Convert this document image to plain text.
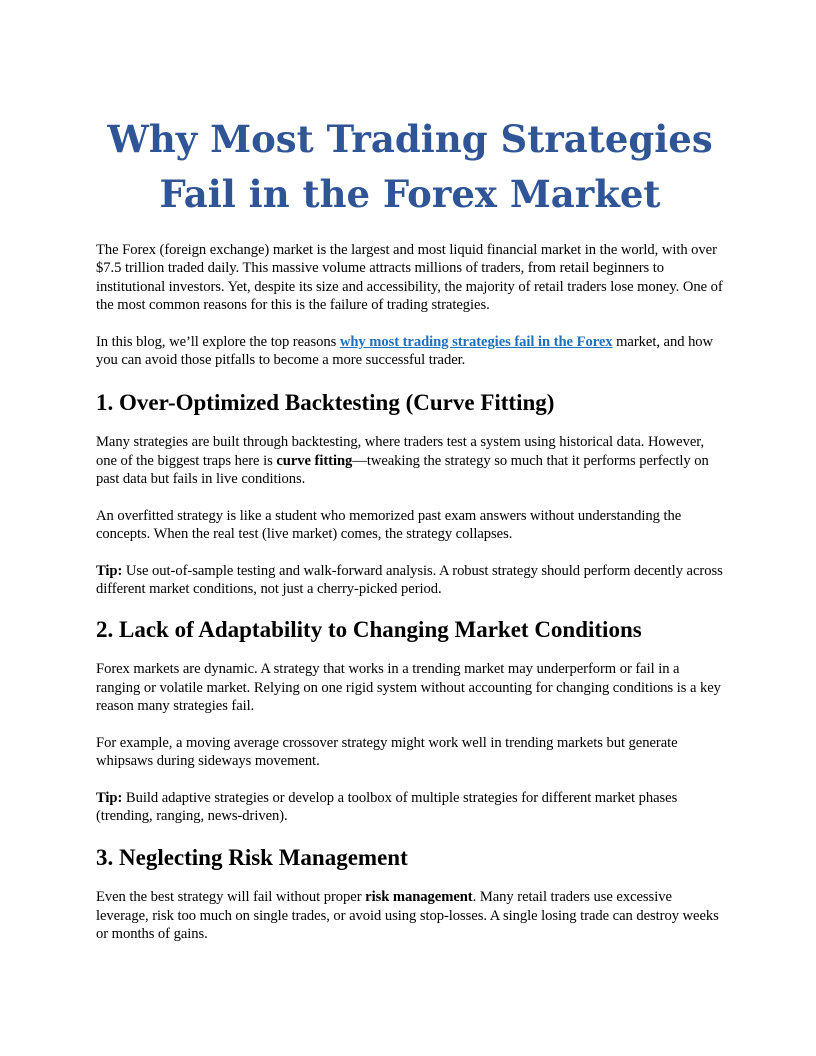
Why Most Trading Strategies Fail in the Forex Market

The Forex (foreign exchange) market is the largest and most liquid financial market in the world, with over $7.5 trillion traded daily. This massive volume attracts millions of traders, from retail beginners to institutional investors. Yet, despite its size and accessibility, the majority of retail traders lose money. One of the most common reasons for this is the failure of trading strategies.

In this blog, we’ll explore the top reasons why most trading strategies fail in the Forex market, and how you can avoid those pitfalls to become a more successful trader.

1. Over-Optimized Backtesting (Curve Fitting)

Many strategies are built through backtesting, where traders test a system using historical data. However, one of the biggest traps here is curve fitting—tweaking the strategy so much that it performs perfectly on past data but fails in live conditions.

An overfitted strategy is like a student who memorized past exam answers without understanding the concepts. When the real test (live market) comes, the strategy collapses.

Tip: Use out-of-sample testing and walk-forward analysis. A robust strategy should perform decently across different market conditions, not just a cherry-picked period.

2. Lack of Adaptability to Changing Market Conditions

Forex markets are dynamic. A strategy that works in a trending market may underperform or fail in a ranging or volatile market. Relying on one rigid system without accounting for changing conditions is a key reason many strategies fail.

For example, a moving average crossover strategy might work well in trending markets but generate whipsaws during sideways movement.

Tip: Build adaptive strategies or develop a toolbox of multiple strategies for different market phases (trending, ranging, news-driven).

3. Neglecting Risk Management

Even the best strategy will fail without proper risk management. Many retail traders use excessive leverage, risk too much on single trades, or avoid using stop-losses. A single losing trade can destroy weeks or months of gains.
